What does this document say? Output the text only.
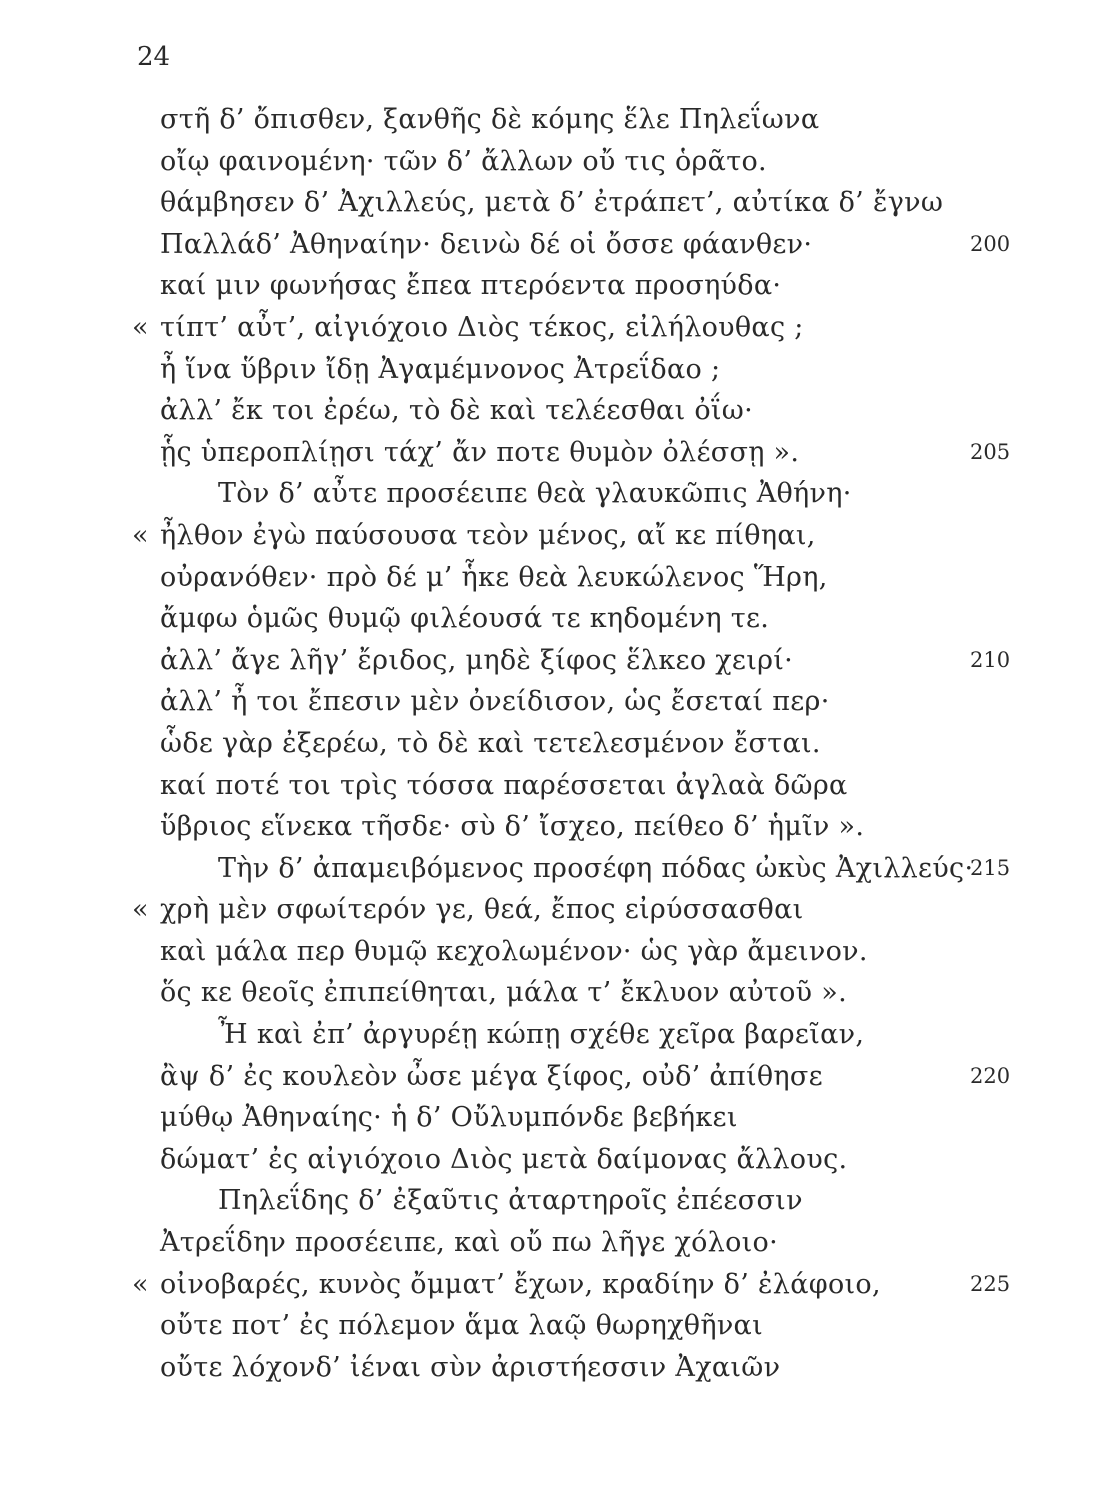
24
στῆ δ’ ὄπισθεν, ξανθῆς δὲ κόμης ἕλε Πηλεΐωνα
οἴῳ φαινομένη· τῶν δ’ ἄλλων οὔ τις ὁρᾶτο.
θάμβησεν δ’ Ἀχιλλεύς, μετὰ δ’ ἐτράπετ’, αὐτίκα δ’ ἔγνω
Παλλάδ’ Ἀθηναίην· δεινὼ δέ οἱ ὄσσε φάανθεν·	200
καί μιν φωνήσας ἔπεα πτερόεντα προσηύδα·
« τίπτ’ αὖτ’, αἰγιόχοιο Διὸς τέκος, εἰλήλουθας ;
ἦ ἵνα ὕβριν ἴδῃ Ἀγαμέμνονος Ἀτρεΐδαο ;
ἀλλ’ ἔκ τοι ἐρέω, τὸ δὲ καὶ τελέεσθαι ὀΐω·
ᾗς ὑπεροπλίῃσι τάχ’ ἄν ποτε θυμὸν ὀλέσσῃ ».	205
Τὸν δ’ αὖτε προσέειπε θεὰ γλαυκῶπις Ἀθήνη·
« ἦλθον ἐγὼ παύσουσα τεὸν μένος, αἴ κε πίθηαι,
οὐρανόθεν· πρὸ δέ μ’ ἧκε θεὰ λευκώλενος Ἥρη,
ἄμφω ὁμῶς θυμῷ φιλέουσά τε κηδομένη τε.
ἀλλ’ ἄγε λῆγ’ ἔριδος, μηδὲ ξίφος ἕλκεο χειρί·	210
ἀλλ’ ἦ τοι ἔπεσιν μὲν ὀνείδισον, ὡς ἔσεταί περ·
ὧδε γὰρ ἐξερέω, τὸ δὲ καὶ τετελεσμένον ἔσται.
καί ποτέ τοι τρὶς τόσσα παρέσσεται ἀγλαὰ δῶρα
ὕβριος εἵνεκα τῆσδε· σὺ δ’ ἴσχεο, πείθεο δ’ ἡμῖν ».
Τὴν δ’ ἀπαμειβόμενος προσέφη πόδας ὠκὺς Ἀχιλλεύς·
215
« χρὴ μὲν σφωίτερόν γε, θεά, ἔπος εἰρύσσασθαι
καὶ μάλα περ θυμῷ κεχολωμένον· ὡς γὰρ ἄμεινον.
ὅς κε θεοῖς ἐπιπείθηται, μάλα τ’ ἔκλυον αὐτοῦ ».
Ἦ καὶ ἐπ’ ἀργυρέῃ κώπῃ σχέθε χεῖρα βαρεῖαν,
ἂψ δ’ ἐς κουλεὸν ὦσε μέγα ξίφος, οὐδ’ ἀπίθησε	220
μύθῳ Ἀθηναίης· ἡ δ’ Οὔλυμπόνδε βεβήκει
δώματ’ ἐς αἰγιόχοιο Διὸς μετὰ δαίμονας ἄλλους.
Πηλεΐδης δ’ ἐξαῦτις ἀταρτηροῖς ἐπέεσσιν
Ἀτρεΐδην προσέειπε, καὶ οὔ πω λῆγε χόλοιο·
« οἰνοβαρές, κυνὸς ὄμματ’ ἔχων, κραδίην δ’ ἐλάφοιο,	225
οὔτε ποτ’ ἐς πόλεμον ἅμα λαῷ θωρηχθῆναι
οὔτε λόχονδ’ ἰέναι σὺν ἀριστήεσσιν Ἀχαιῶν
